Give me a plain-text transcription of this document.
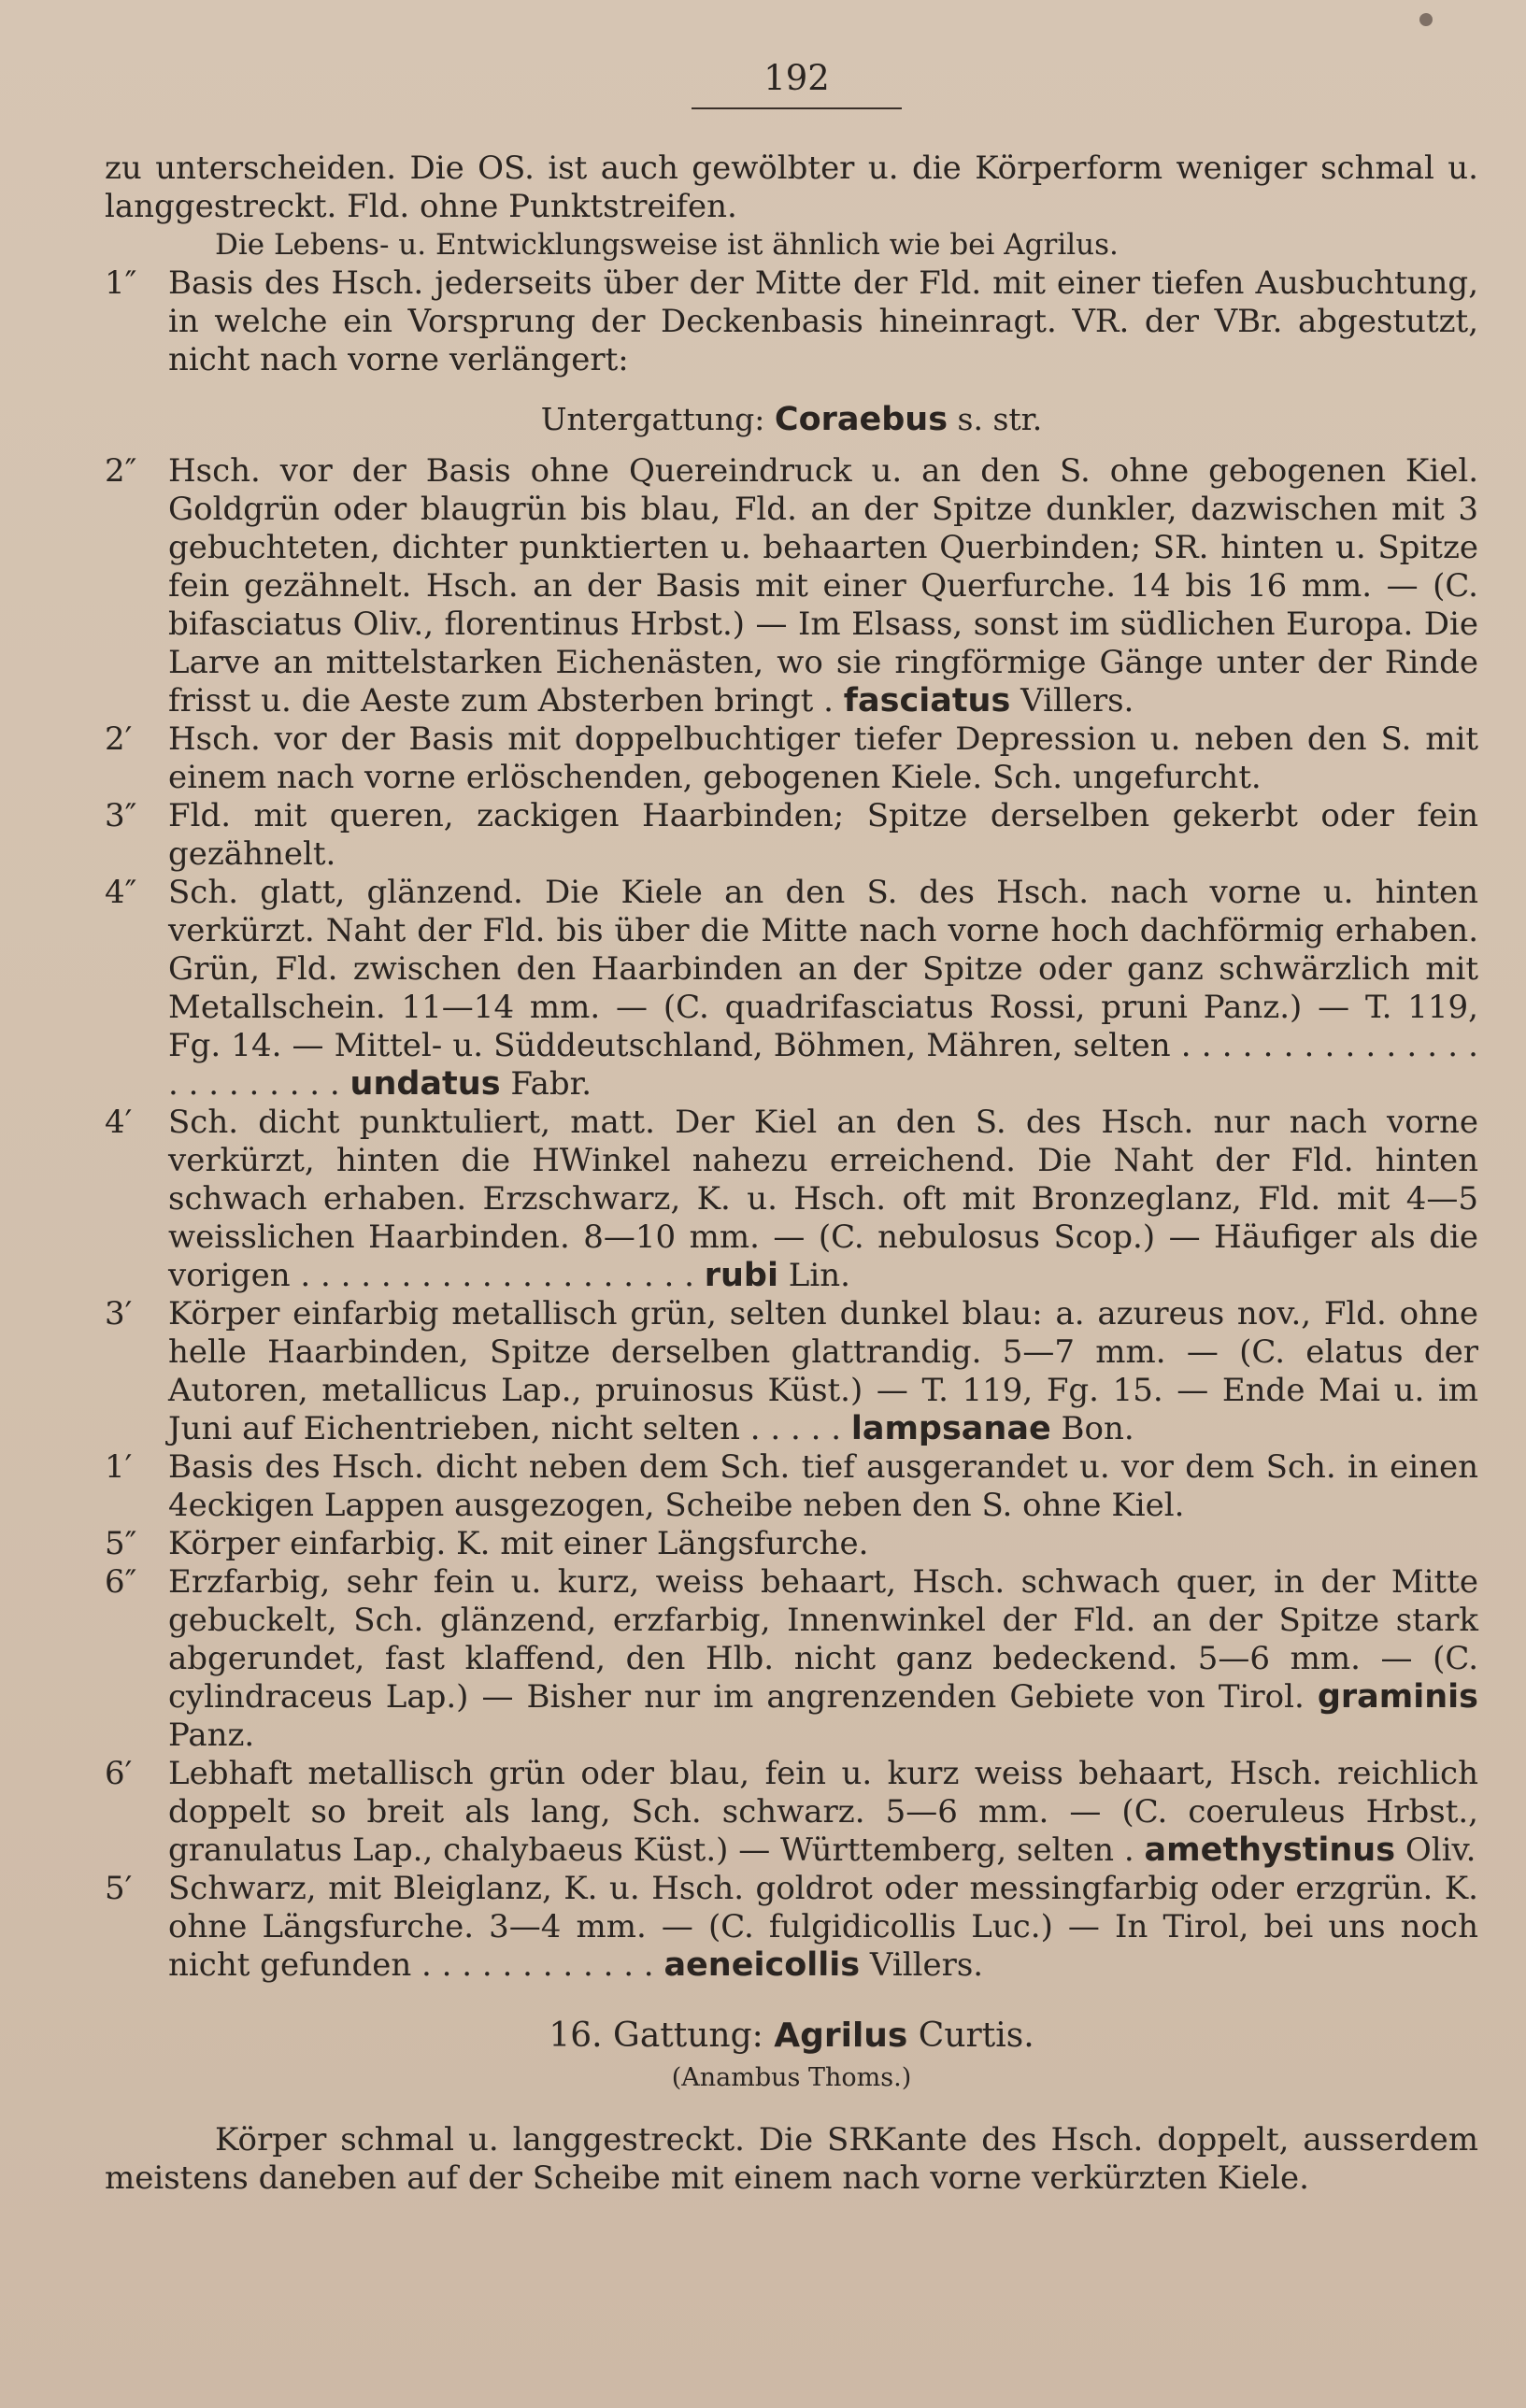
192

zu unterscheiden. Die OS. ist auch gewölbter u. die Körperform weniger schmal u. langgestreckt. Fld. ohne Punktstreifen.

Die Lebens- u. Entwicklungsweise ist ähnlich wie bei Agrilus.

1″ Basis des Hsch. jederseits über der Mitte der Fld. mit einer tiefen Ausbuchtung, in welche ein Vorsprung der Deckenbasis hineinragt. VR. der VBr. abgestutzt, nicht nach vorne verlängert:
Untergattung: Coraebus s. str.
2″ Hsch. vor der Basis ohne Quereindruck u. an den S. ohne gebogenen Kiel. Goldgrün oder blaugrün bis blau, Fld. an der Spitze dunkler, dazwischen mit 3 gebuchteten, dichter punktierten u. behaarten Querbinden; SR. hinten u. Spitze fein gezähnelt. Hsch. an der Basis mit einer Querfurche. 14 bis 16 mm. — (C. bifasciatus Oliv., florentinus Hrbst.) — Im Elsass, sonst im südlichen Europa. Die Larve an mittelstarken Eichenästen, wo sie ringförmige Gänge unter der Rinde frisst u. die Aeste zum Absterben bringt . fasciatus Villers.
2′	Hsch. vor der Basis mit doppelbuchtiger tiefer Depression u. neben den S. mit einem nach vorne erlöschenden, gebogenen Kiele. Sch. ungefurcht.
3″ Fld. mit queren, zackigen Haarbinden; Spitze derselben gekerbt oder fein gezähnelt.
4″ Sch. glatt, glänzend. Die Kiele an den S. des Hsch. nach vorne u. hinten verkürzt. Naht der Fld. bis über die Mitte nach vorne hoch dachförmig erhaben. Grün, Fld. zwischen den Haarbinden an der Spitze oder ganz schwärzlich mit Metallschein. 11—14 mm. — (C. quadrifasciatus Rossi, pruni Panz.) — T. 119, Fg. 14. — Mittel- u. Süddeutschland, Böhmen, Mähren, selten . . . . . . . . . . . . . . . . . . . . . . . . undatus Fabr.
4′	Sch. dicht punktuliert, matt. Der Kiel an den S. des Hsch. nur nach vorne verkürzt, hinten die HWinkel nahezu erreichend. Die Naht der Fld. hinten schwach erhaben. Erzschwarz, K. u. Hsch. oft mit Bronzeglanz, Fld. mit 4—5 weisslichen Haarbinden. 8—10 mm. — (C. nebulosus Scop.) — Häufiger als die vorigen . . . . . . . . . . . . . . . . . . . . rubi Lin.
3′	Körper einfarbig metallisch grün, selten dunkel blau: a. azureus nov., Fld. ohne helle Haarbinden, Spitze derselben glattrandig. 5—7 mm. — (C. elatus der Autoren, metallicus Lap., pruinosus Küst.) — T. 119, Fg. 15. — Ende Mai u. im Juni auf Eichentrieben, nicht selten . . . . . lampsanae Bon.
1′	Basis des Hsch. dicht neben dem Sch. tief ausgerandet u. vor dem Sch. in einen 4eckigen Lappen ausgezogen, Scheibe neben den S. ohne Kiel.
5″ Körper einfarbig. K. mit einer Längsfurche.
6″ Erzfarbig, sehr fein u. kurz, weiss behaart, Hsch. schwach quer, in der Mitte gebuckelt, Sch. glänzend, erzfarbig, Innenwinkel der Fld. an der Spitze stark abgerundet, fast klaffend, den Hlb. nicht ganz bedeckend. 5—6 mm. — (C. cylindraceus Lap.) — Bisher nur im angrenzenden Gebiete von Tirol. graminis Panz.
6′	Lebhaft metallisch grün oder blau, fein u. kurz weiss behaart, Hsch. reichlich doppelt so breit als lang, Sch. schwarz. 5—6 mm. — (C. coeruleus Hrbst., granulatus Lap., chalybaeus Küst.) — Württemberg, selten . amethystinus Oliv.
5′	Schwarz, mit Bleiglanz, K. u. Hsch. goldrot oder messingfarbig oder erzgrün. K. ohne Längsfurche. 3—4 mm. — (C. fulgidicollis Luc.) — In Tirol, bei uns noch nicht gefunden . . . . . . . . . . . . aeneicollis Villers.
16. Gattung: Agrilus Curtis.
(Anambus Thoms.)

Körper schmal u. langgestreckt. Die SRKante des Hsch. doppelt, ausserdem meistens daneben auf der Scheibe mit einem nach vorne verkürzten Kiele.
